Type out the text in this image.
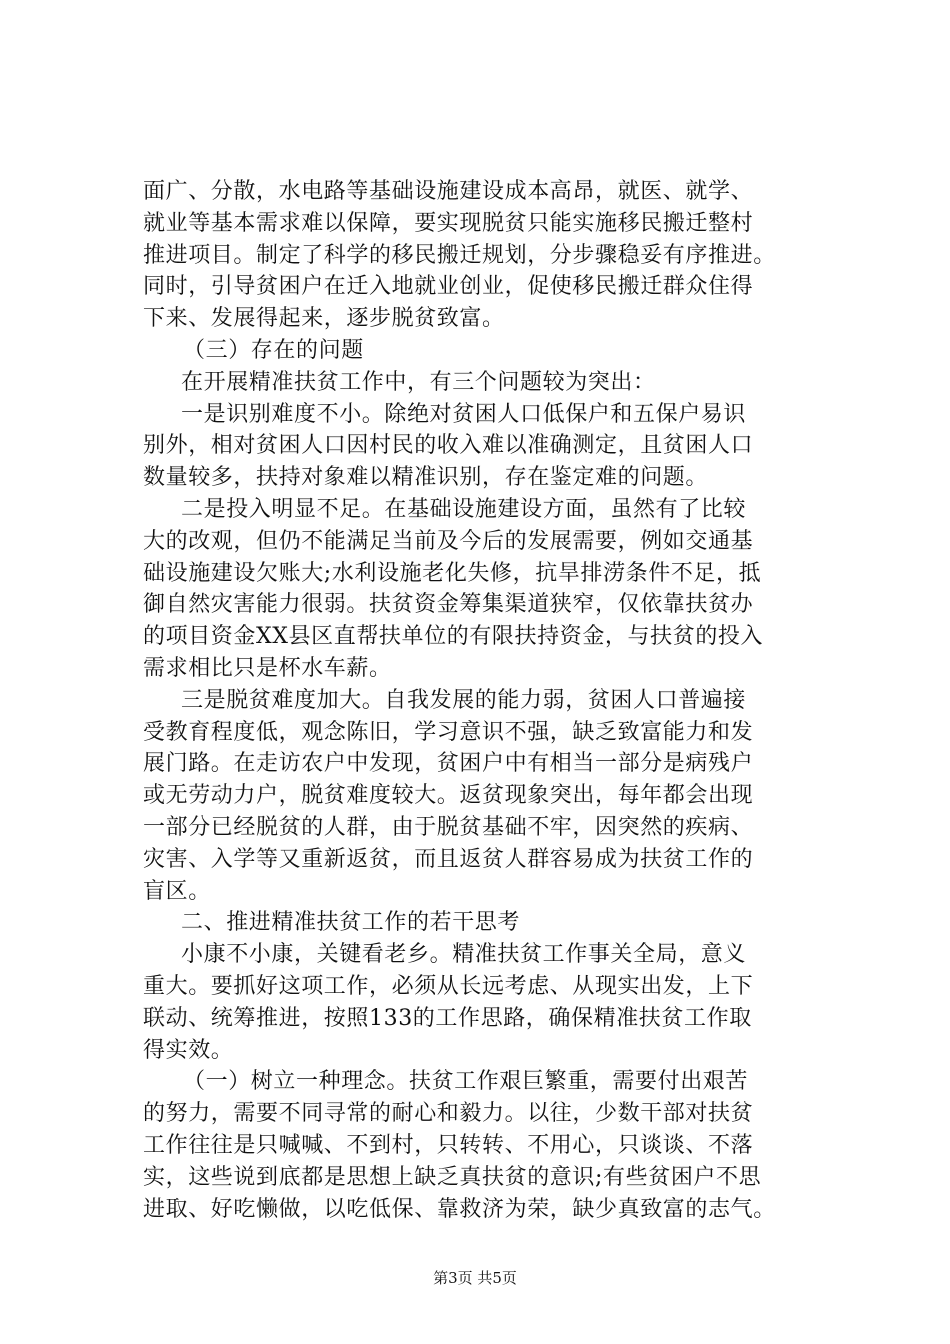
面广、分散，水电路等基础设施建设成本高昂，就医、就学、
就业等基本需求难以保障，要实现脱贫只能实施移民搬迁整村
推进项目。制定了科学的移民搬迁规划，分步骤稳妥有序推进。
同时，引导贫困户在迁入地就业创业，促使移民搬迁群众住得
下来、发展得起来，逐步脱贫致富。
（三）存在的问题
在开展精准扶贫工作中，有三个问题较为突出：
一是识别难度不小。除绝对贫困人口低保户和五保户易识
别外，相对贫困人口因村民的收入难以准确测定，且贫困人口
数量较多，扶持对象难以精准识别，存在鉴定难的问题。
二是投入明显不足。在基础设施建设方面，虽然有了比较
大的改观，但仍不能满足当前及今后的发展需要，例如交通基
础设施建设欠账大;水利设施老化失修，抗旱排涝条件不足，抵
御自然灾害能力很弱。扶贫资金筹集渠道狭窄，仅依靠扶贫办
的项目资金XX县区直帮扶单位的有限扶持资金，与扶贫的投入
需求相比只是杯水车薪。
三是脱贫难度加大。自我发展的能力弱，贫困人口普遍接
受教育程度低，观念陈旧，学习意识不强，缺乏致富能力和发
展门路。在走访农户中发现，贫困户中有相当一部分是病残户
或无劳动力户，脱贫难度较大。返贫现象突出，每年都会出现
一部分已经脱贫的人群，由于脱贫基础不牢，因突然的疾病、
灾害、入学等又重新返贫，而且返贫人群容易成为扶贫工作的
盲区。
二、推进精准扶贫工作的若干思考
小康不小康，关键看老乡。精准扶贫工作事关全局，意义
重大。要抓好这项工作，必须从长远考虑、从现实出发，上下
联动、统筹推进，按照133的工作思路，确保精准扶贫工作取
得实效。
（一）树立一种理念。扶贫工作艰巨繁重，需要付出艰苦
的努力，需要不同寻常的耐心和毅力。以往，少数干部对扶贫
工作往往是只喊喊、不到村，只转转、不用心，只谈谈、不落
实，这些说到底都是思想上缺乏真扶贫的意识;有些贫困户不思
进取、好吃懒做，以吃低保、靠救济为荣，缺少真致富的志气。
第3页 共5页
